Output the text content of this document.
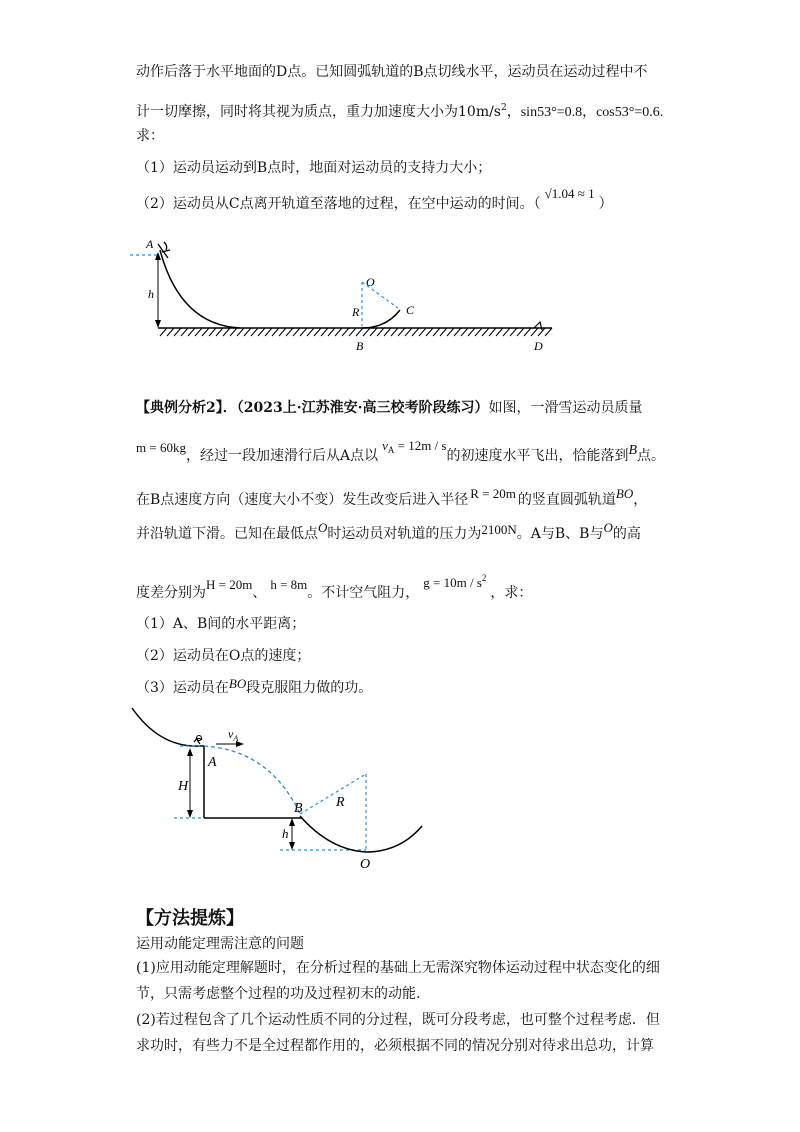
动作后落于水平地面的D点。已知圆弧轨道的B点切线水平，运动员在运动过程中不
计一切摩擦，同时将其视为质点，重力加速度大小为$10m/s^2$，sin53°=0.8，cos53°=0.6.
求：
（1）运动员运动到B点时，地面对运动员的支持力大小；
（2）运动员从C点离开轨道至落地的过程，在空中运动的时间。（√1.04 ≈ 1）
A
h
O
R	C
B	D
【典例分析2】．（2023上·江苏淮安·高三校考阶段练习）如图，一滑雪运动员质量
m = 60kg，经过一段加速滑行后从A点以$v_A = 12m / s$的初速度水平飞出，恰能落到B点。
在B点速度方向（速度大小不变）发生改变后进入半径 R = 20m 的竖直圆弧轨道BO，
并沿轨道下滑。已知在最低点O时运动员对轨道的压力为2100N。A与B、B与O的高
度差分别为H = 20m、h = 8m。不计空气阻力，$g = 10m / s^2$，求：
（1）A、B间的水平距离；
（2）运动员在O点的速度；
（3）运动员在BO段克服阻力做的功。
$v_A$
H
A
B R
h
O
【方法提炼】
运用动能定理需注意的问题
(1)应用动能定理解题时，在分析过程的基础上无需深究物体运动过程中状态变化的细
节，只需考虑整个过程的功及过程初末的动能.
(2)若过程包含了几个运动性质不同的分过程，既可分段考虑，也可整个过程考虑．但
求功时，有些力不是全过程都作用的，必须根据不同的情况分别对待求出总功，计算
